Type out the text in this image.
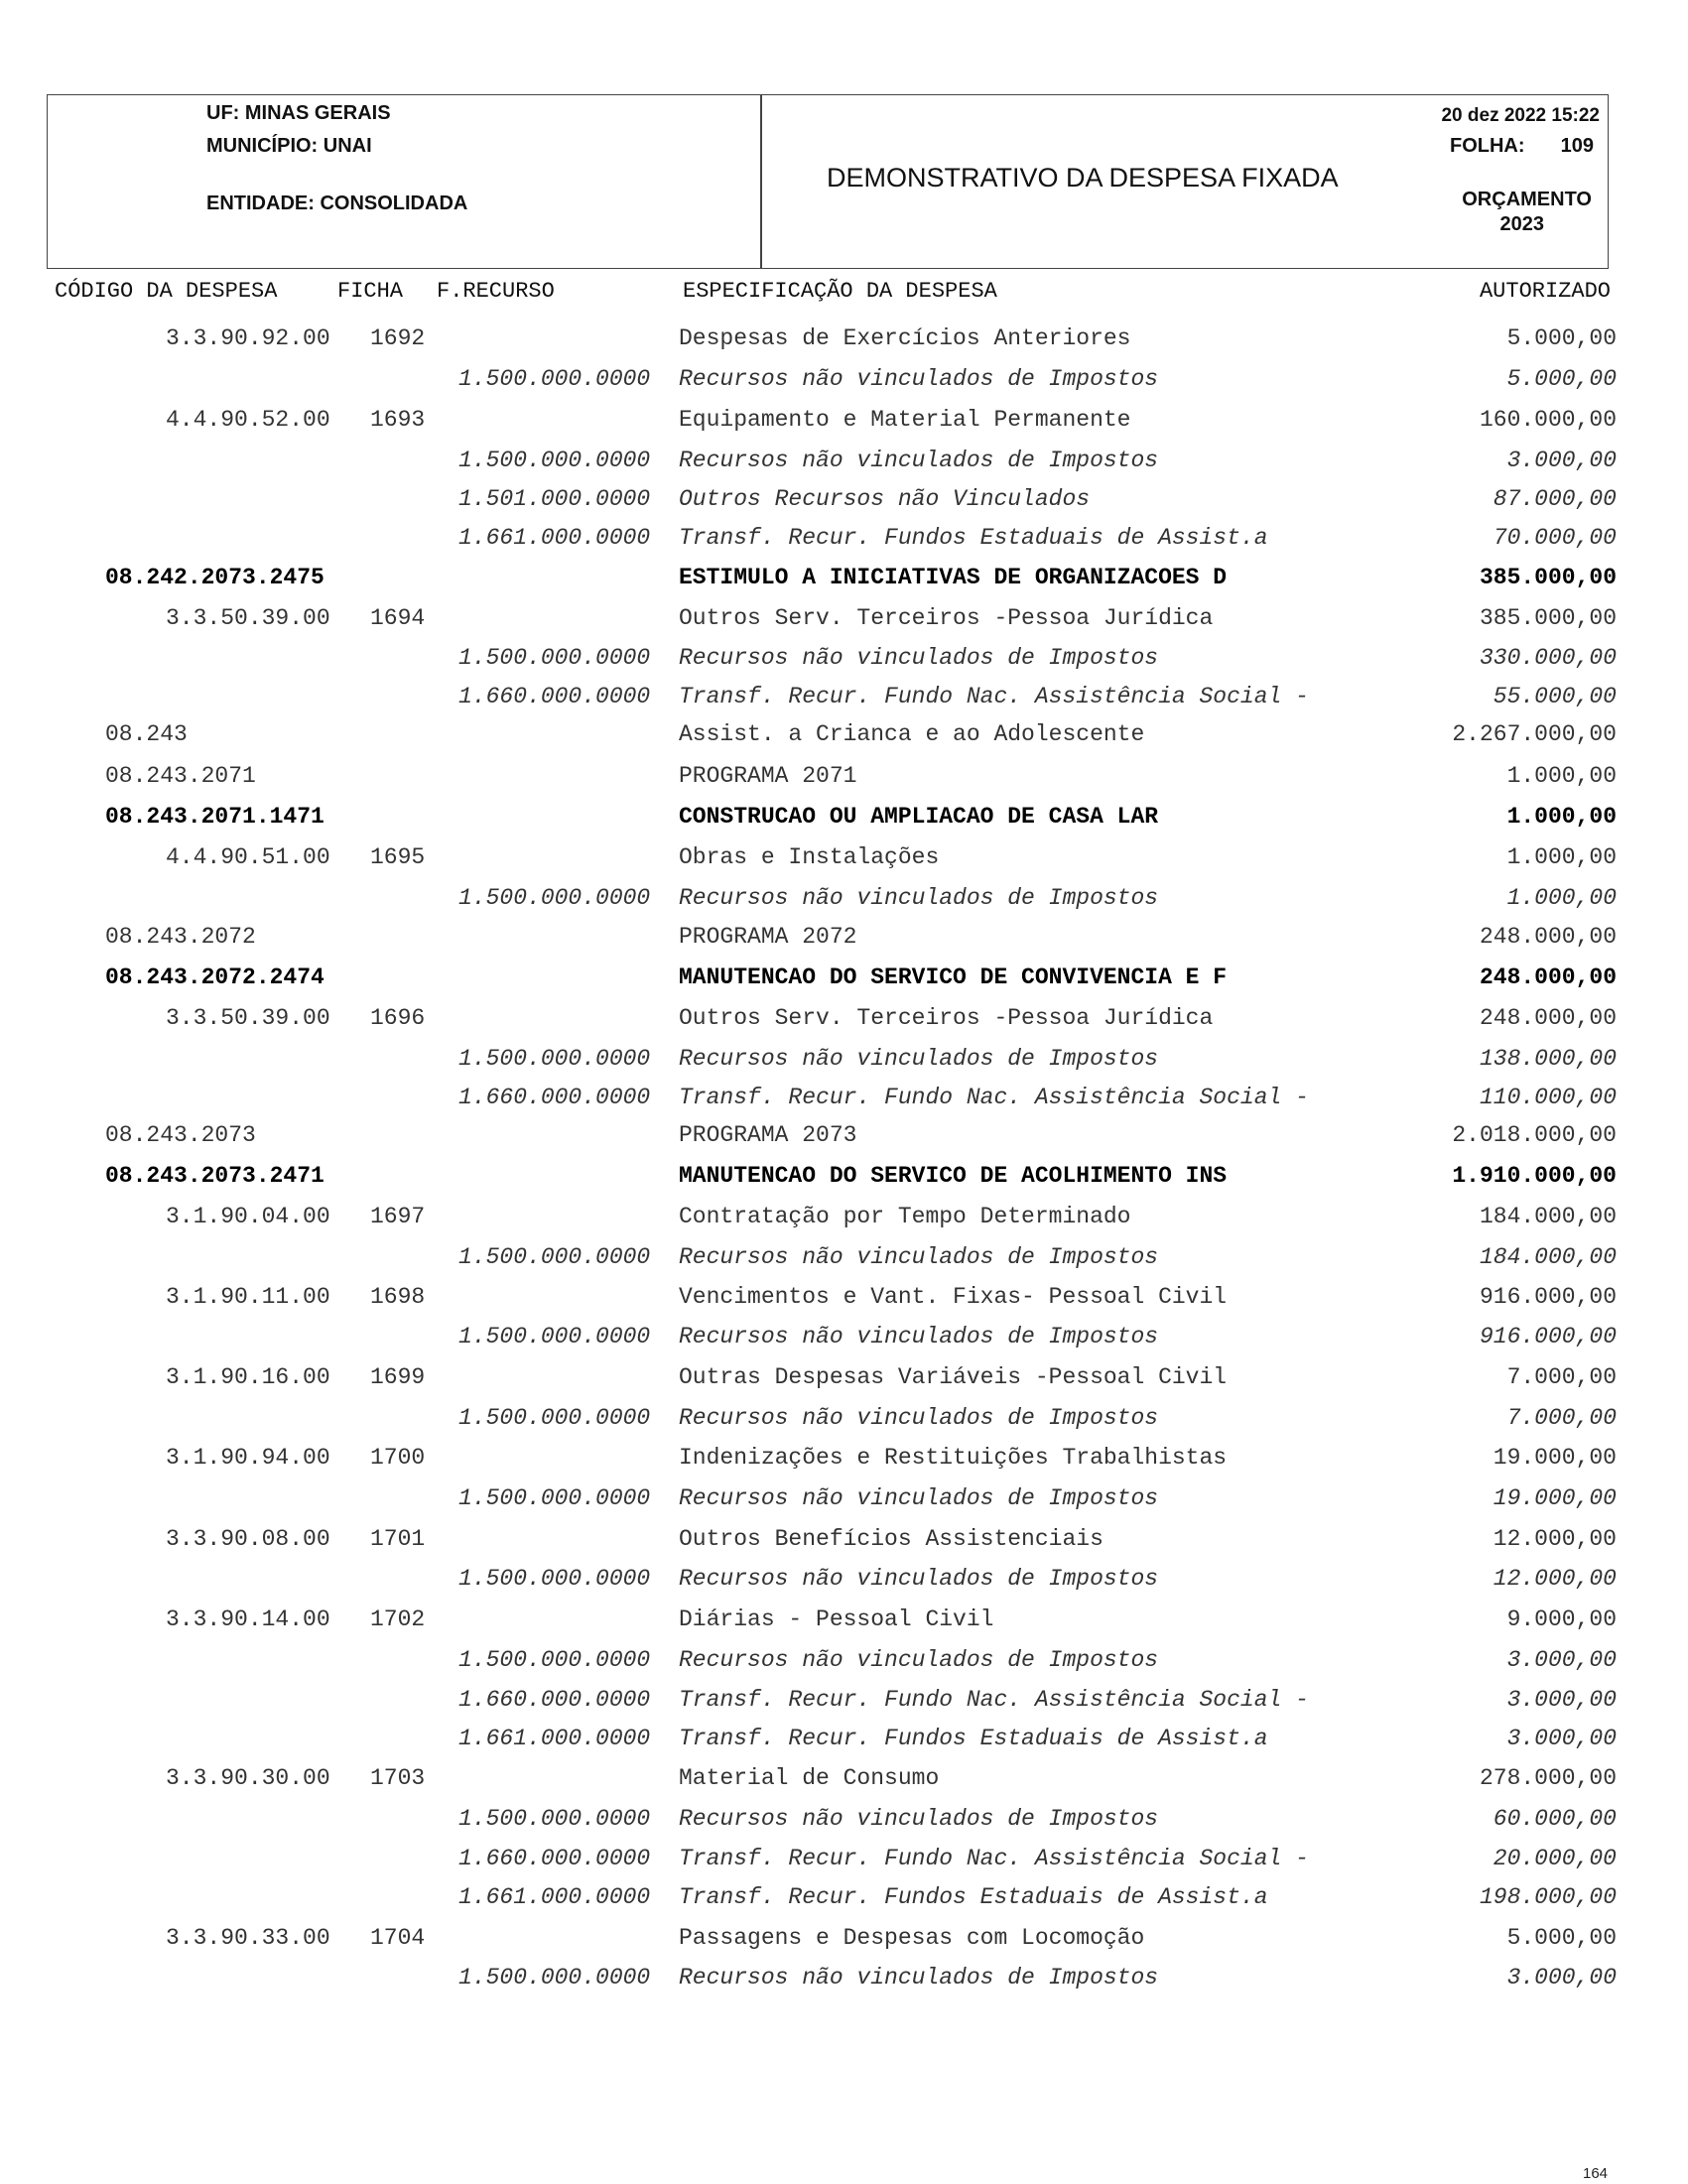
UF: MINAS GERAIS
MUNICÍPIO: UNAI
ENTIDADE: CONSOLIDADA
DEMONSTRATIVO DA DESPESA FIXADA
20 dez 2022 15:22
FOLHA: 109
ORÇAMENTO
2023
CÓDIGO DA DESPESA	FICHA F.RECURSO	ESPECIFICAÇÃO DA DESPESA	AUTORIZADO
3.3.90.92.00 1692	Despesas de Exercícios Anteriores	5.000,00
1.500.000.0000 Recursos não vinculados de Impostos	5.000,00
4.4.90.52.00 1693	Equipamento e Material Permanente	160.000,00
1.500.000.0000 Recursos não vinculados de Impostos	3.000,00
1.501.000.0000 Outros Recursos não Vinculados	87.000,00
1.661.000.0000 Transf. Recur. Fundos Estaduais de Assist.a	70.000,00
08.242.2073.2475	ESTIMULO A INICIATIVAS DE ORGANIZACOES D	385.000,00
3.3.50.39.00 1694	Outros Serv. Terceiros -Pessoa Jurídica	385.000,00
1.500.000.0000 Recursos não vinculados de Impostos	330.000,00
1.660.000.0000 Transf. Recur. Fundo Nac. Assistência Social -	55.000,00
08.243	Assist. a Crianca e ao Adolescente	2.267.000,00
08.243.2071	PROGRAMA 2071	1.000,00
08.243.2071.1471	CONSTRUCAO OU AMPLIACAO DE CASA LAR	1.000,00
4.4.90.51.00 1695	Obras e Instalações	1.000,00
1.500.000.0000 Recursos não vinculados de Impostos	1.000,00
08.243.2072	PROGRAMA 2072	248.000,00
08.243.2072.2474	MANUTENCAO DO SERVICO DE CONVIVENCIA E F	248.000,00
3.3.50.39.00 1696	Outros Serv. Terceiros -Pessoa Jurídica	248.000,00
1.500.000.0000 Recursos não vinculados de Impostos	138.000,00
1.660.000.0000 Transf. Recur. Fundo Nac. Assistência Social -	110.000,00
08.243.2073	PROGRAMA 2073	2.018.000,00
08.243.2073.2471	MANUTENCAO DO SERVICO DE ACOLHIMENTO INS	1.910.000,00
3.1.90.04.00 1697	Contratação por Tempo Determinado	184.000,00
1.500.000.0000 Recursos não vinculados de Impostos	184.000,00
3.1.90.11.00 1698	Vencimentos e Vant. Fixas- Pessoal Civil	916.000,00
1.500.000.0000 Recursos não vinculados de Impostos	916.000,00
3.1.90.16.00 1699	Outras Despesas Variáveis -Pessoal Civil	7.000,00
1.500.000.0000 Recursos não vinculados de Impostos	7.000,00
3.1.90.94.00 1700	Indenizações e Restituições Trabalhistas	19.000,00
1.500.000.0000 Recursos não vinculados de Impostos	19.000,00
3.3.90.08.00 1701	Outros Benefícios Assistenciais	12.000,00
1.500.000.0000 Recursos não vinculados de Impostos	12.000,00
3.3.90.14.00 1702	Diárias - Pessoal Civil	9.000,00
1.500.000.0000 Recursos não vinculados de Impostos	3.000,00
1.660.000.0000 Transf. Recur. Fundo Nac. Assistência Social -	3.000,00
1.661.000.0000 Transf. Recur. Fundos Estaduais de Assist.a	3.000,00
3.3.90.30.00 1703	Material de Consumo	278.000,00
1.500.000.0000 Recursos não vinculados de Impostos	60.000,00
1.660.000.0000 Transf. Recur. Fundo Nac. Assistência Social -	20.000,00
1.661.000.0000 Transf. Recur. Fundos Estaduais de Assist.a	198.000,00
3.3.90.33.00 1704	Passagens e Despesas com Locomoção	5.000,00
1.500.000.0000 Recursos não vinculados de Impostos	3.000,00
164
